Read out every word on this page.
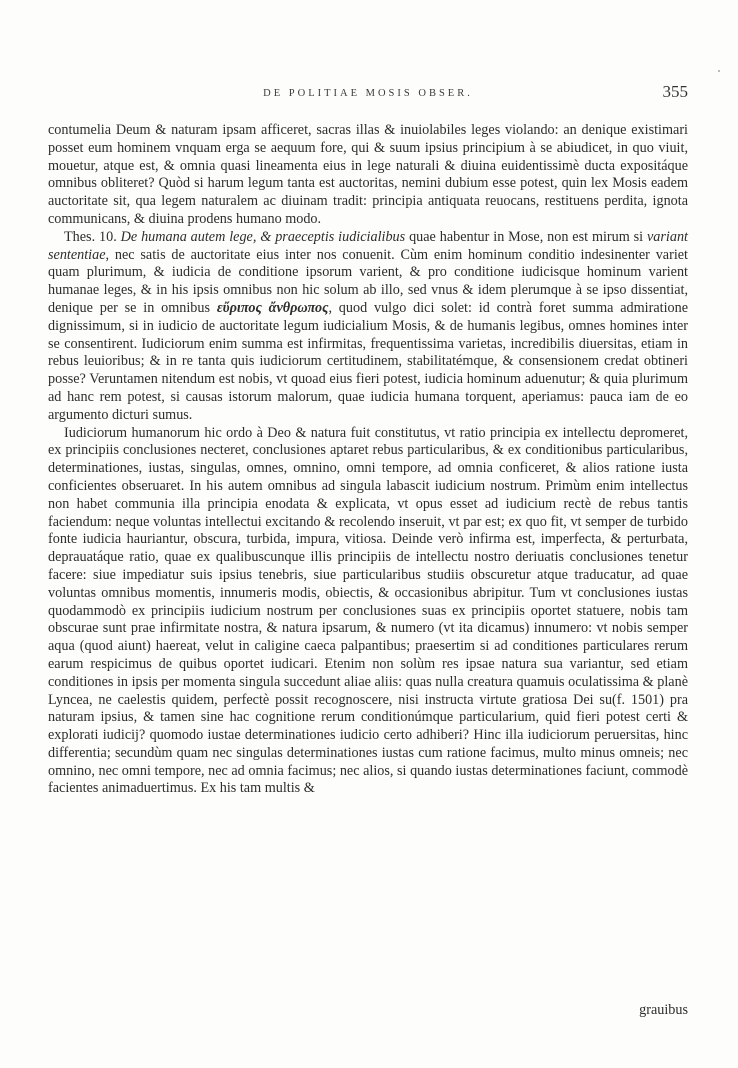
DE POLITIAE MOSIS OBSER.	355

contumelia Deum & naturam ipsam afficeret, sacras illas & inuiolabiles leges violando: an denique existimari posset eum hominem vnquam erga se aequum fore, qui & suum ipsius principium à se abiudicet, in quo viuit, mouetur, atque est, & omnia quasi lineamenta eius in lege naturali & diuina euidentissimè ducta expositáque omnibus obliteret? Quòd si harum legum tanta est auctoritas, nemini dubium esse potest, quin lex Mosis eadem auctoritate sit, qua legem naturalem ac diuinam tradit: principia antiquata reuocans, restituens perdita, ignota communicans, & diuina prodens humano modo.

Thes. 10. De humana autem lege, & praeceptis iudicialibus quae habentur in Mose, non est mirum si variant sententiae, nec satis de auctoritate eius inter nos conuenit. Cùm enim hominum conditio indesinenter variet quam plurimum, & iudicia de conditione ipsorum varient, & pro conditione iudicisque hominum varient humanae leges, & in his ipsis omnibus non hic solum ab illo, sed vnus & idem plerumque à se ipso dissentiat, denique per se in omnibus εὔριπος ἄνθρωπος, quod vulgo dici solet: id contrà foret summa admiratione dignissimum, si in iudicio de auctoritate legum iudicialium Mosis, & de humanis legibus, omnes homines inter se consentirent. Iudiciorum enim summa est infirmitas, frequentissima varietas, incredibilis diuersitas, etiam in rebus leuioribus; & in re tanta quis iudiciorum certitudinem, stabilitatémque, & consensionem credat obtineri posse? Veruntamen nitendum est nobis, vt quoad eius fieri potest, iudicia hominum aduenutur; & quia plurimum ad hanc rem potest, si causas istorum malorum, quae iudicia humana torquent, aperiamus: pauca iam de eo argumento dicturi sumus.

Iudiciorum humanorum hic ordo à Deo & natura fuit constitutus, vt ratio principia ex intellectu depromeret, ex principiis conclusiones necteret, conclusiones aptaret rebus particularibus, & ex conditionibus particularibus, determinationes, iustas, singulas, omnes, omnino, omni tempore, ad omnia conficeret, & alios ratione iusta conficientes obseruaret. In his autem omnibus ad singula labascit iudicium nostrum. Primùm enim intellectus non habet communia illa principia enodata & explicata, vt opus esset ad iudicium rectè de rebus tantis faciendum: neque voluntas intellectui excitando & recolendo inseruit, vt par est; ex quo fit, vt semper de turbido fonte iudicia hauriantur, obscura, turbida, impura, vitiosa. Deinde verò infirma est, imperfecta, & perturbata, deprauatáque ratio, quae ex qualibuscunque illis principiis de intellectu nostro deriuatis conclusiones tenetur facere: siue impediatur suis ipsius tenebris, siue particularibus studiis obscuretur atque traducatur, ad quae voluntas omnibus momentis, innumeris modis, obiectis, & occasionibus abripitur. Tum vt conclusiones iustas quodammodò ex principiis iudicium nostrum per conclusiones suas ex principiis oportet statuere, nobis tam obscurae sunt prae infirmitate nostra, & natura ipsarum, & numero (vt ita dicamus) innumero: vt nobis semper aqua (quod aiunt) haereat, velut in caligine caeca palpantibus; praesertim si ad conditiones particulares rerum earum respicimus de quibus oportet iudicari. Etenim non solùm res ipsae natura sua variantur, sed etiam conditiones in ipsis per momenta singula succedunt aliae aliis: quas nulla creatura quamuis oculatissima & planè Lyncea, ne caelestis quidem, perfectè possit recognoscere, nisi instructa virtute gratiosa Dei su(f. 1501) pra naturam ipsius, & tamen sine hac cognitione rerum conditionúmque particularium, quid fieri potest certi & explorati iudicij? quomodo iustae determinationes iudicio certo adhiberi? Hinc illa iudiciorum peruersitas, hinc differentia; secundùm quam nec singulas determinationes iustas cum ratione facimus, multo minus omneis; nec omnino, nec omni tempore, nec ad omnia facimus; nec alios, si quando iustas determinationes faciunt, commodè facientes animaduertimus. Ex his tam multis &

grauibus
